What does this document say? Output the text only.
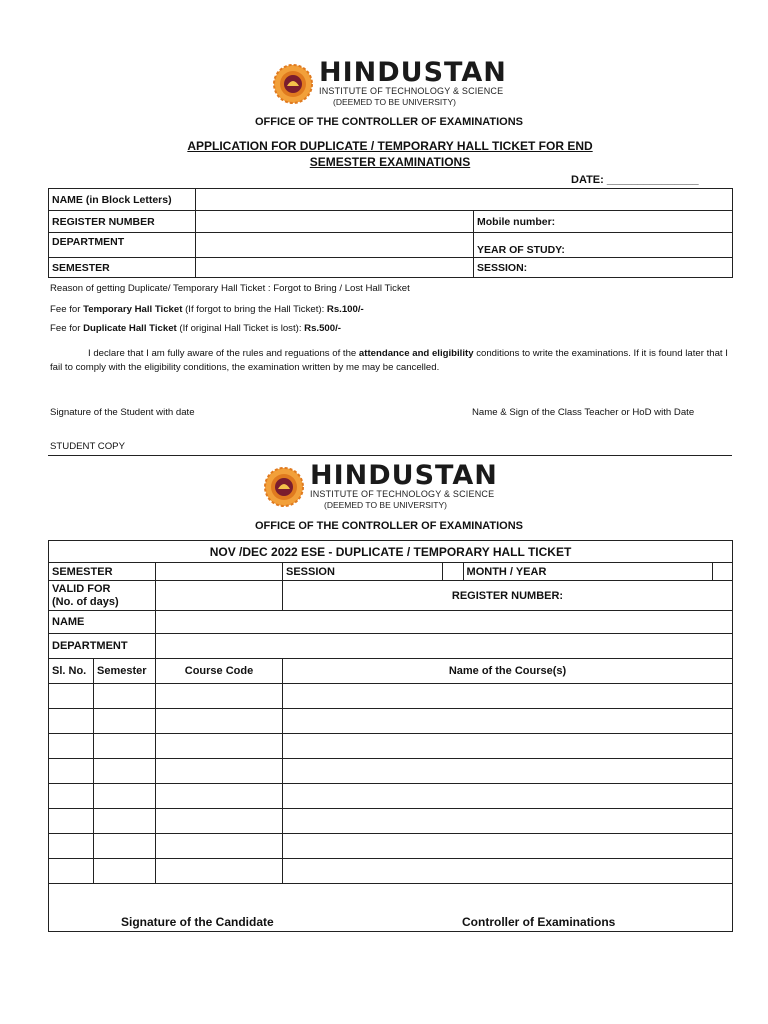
HINDUSTAN
INSTITUTE OF TECHNOLOGY & SCIENCE
(DEEMED TO BE UNIVERSITY)
OFFICE OF THE CONTROLLER OF EXAMINATIONS
APPLICATION FOR DUPLICATE / TEMPORARY HALL TICKET FOR END
SEMESTER EXAMINATIONS
DATE: _______________
NAME (in Block Letters)		
REGISTER NUMBER		Mobile number:
DEPARTMENT		YEAR OF STUDY:
SEMESTER		SESSION:
Reason of getting Duplicate/ Temporary Hall Ticket : Forgot to Bring / Lost Hall Ticket
Fee for Temporary Hall Ticket (If forgot to bring the Hall Ticket): Rs.100/-
Fee for Duplicate Hall Ticket (If original Hall Ticket is lost): Rs.500/-
I declare that I am fully aware of the rules and reguations of the attendance and eligibility conditions to write the examinations. If it is found later that I fail to comply with the eligibility conditions, the examination written by me may be cancelled.
Signature of the Student with date	Name & Sign of the Class Teacher or HoD with Date
STUDENT COPY
HINDUSTAN
INSTITUTE OF TECHNOLOGY & SCIENCE
(DEEMED TO BE UNIVERSITY)
OFFICE OF THE CONTROLLER OF EXAMINATIONS
NOV /DEC 2022 ESE - DUPLICATE / TEMPORARY HALL TICKET						
SEMESTER			SESSION		MONTH / YEAR	

VALID FOR
(No. of days)			REGISTER NUMBER:			
NAME						
DEPARTMENT						
Sl. No.	Semester	Course Code	Name of the Course(s)			

Signature of the Candidate Controller of Examinations						
